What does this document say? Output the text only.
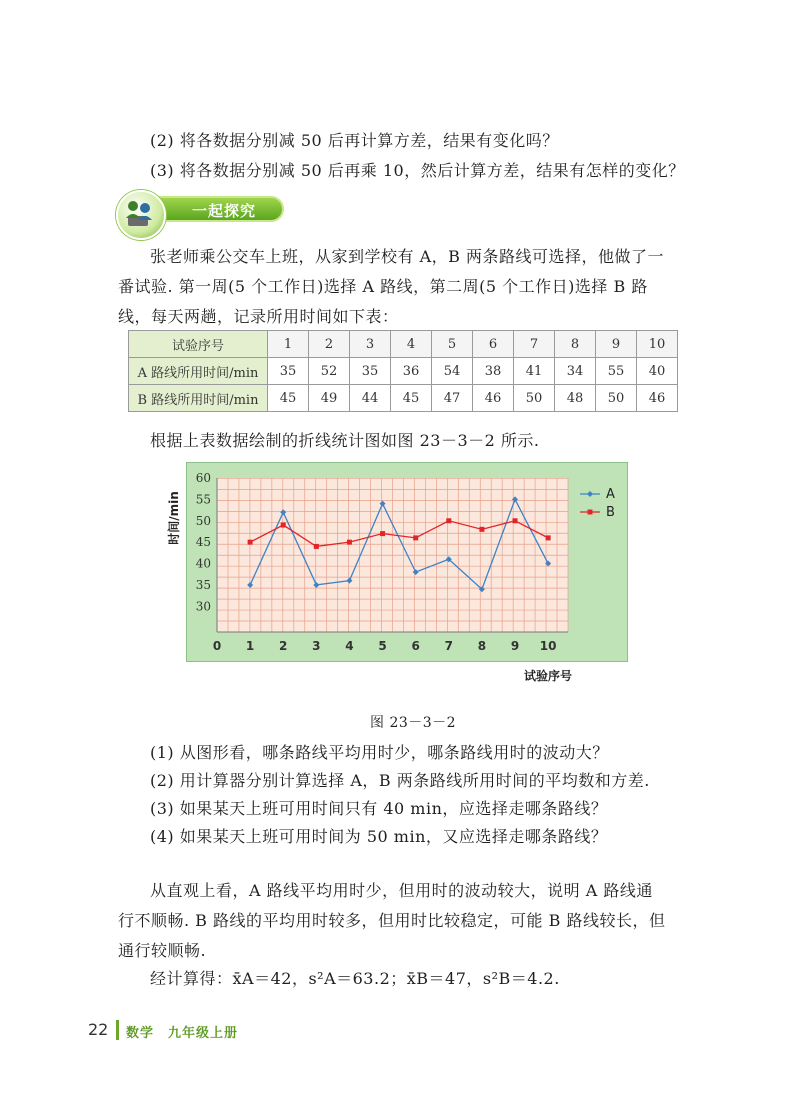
(2) 将各数据分别减 50 后再计算方差，结果有变化吗？
(3) 将各数据分别减 50 后再乘 10，然后计算方差，结果有怎样的变化？
一起探究
张老师乘公交车上班，从家到学校有 A，B 两条路线可选择，他做了一
番试验. 第一周(5 个工作日)选择 A 路线，第二周(5 个工作日)选择 B 路
线，每天两趟，记录所用时间如下表：
试验序号	1	2	3	4	5	6	7	8	9	10
A 路线所用时间/min	35	52	35	36	54	38	41	34	55	40
B 路线所用时间/min	45	49	44	45	47	46	50	48	50	46
根据上表数据绘制的折线统计图如图 23－3－2 所示.
30
35
40
45
50
55
60
0 1 2 3 4 5 6 7 8 9 10
时间/min
试验序号
A
B
图 23－3－2
(1) 从图形看，哪条路线平均用时少，哪条路线用时的波动大？
(2) 用计算器分别计算选择 A，B 两条路线所用时间的平均数和方差.
(3) 如果某天上班可用时间只有 40 min，应选择走哪条路线？
(4) 如果某天上班可用时间为 50 min，又应选择走哪条路线？
从直观上看，A 路线平均用时少，但用时的波动较大，说明 A 路线通
行不顺畅. B 路线的平均用时较多，但用时比较稳定，可能 B 路线较长，但
通行较顺畅.
经计算得：x̄A＝42，s²A＝63.2；x̄B＝47，s²B＝4.2.
22 数学　九年级上册
